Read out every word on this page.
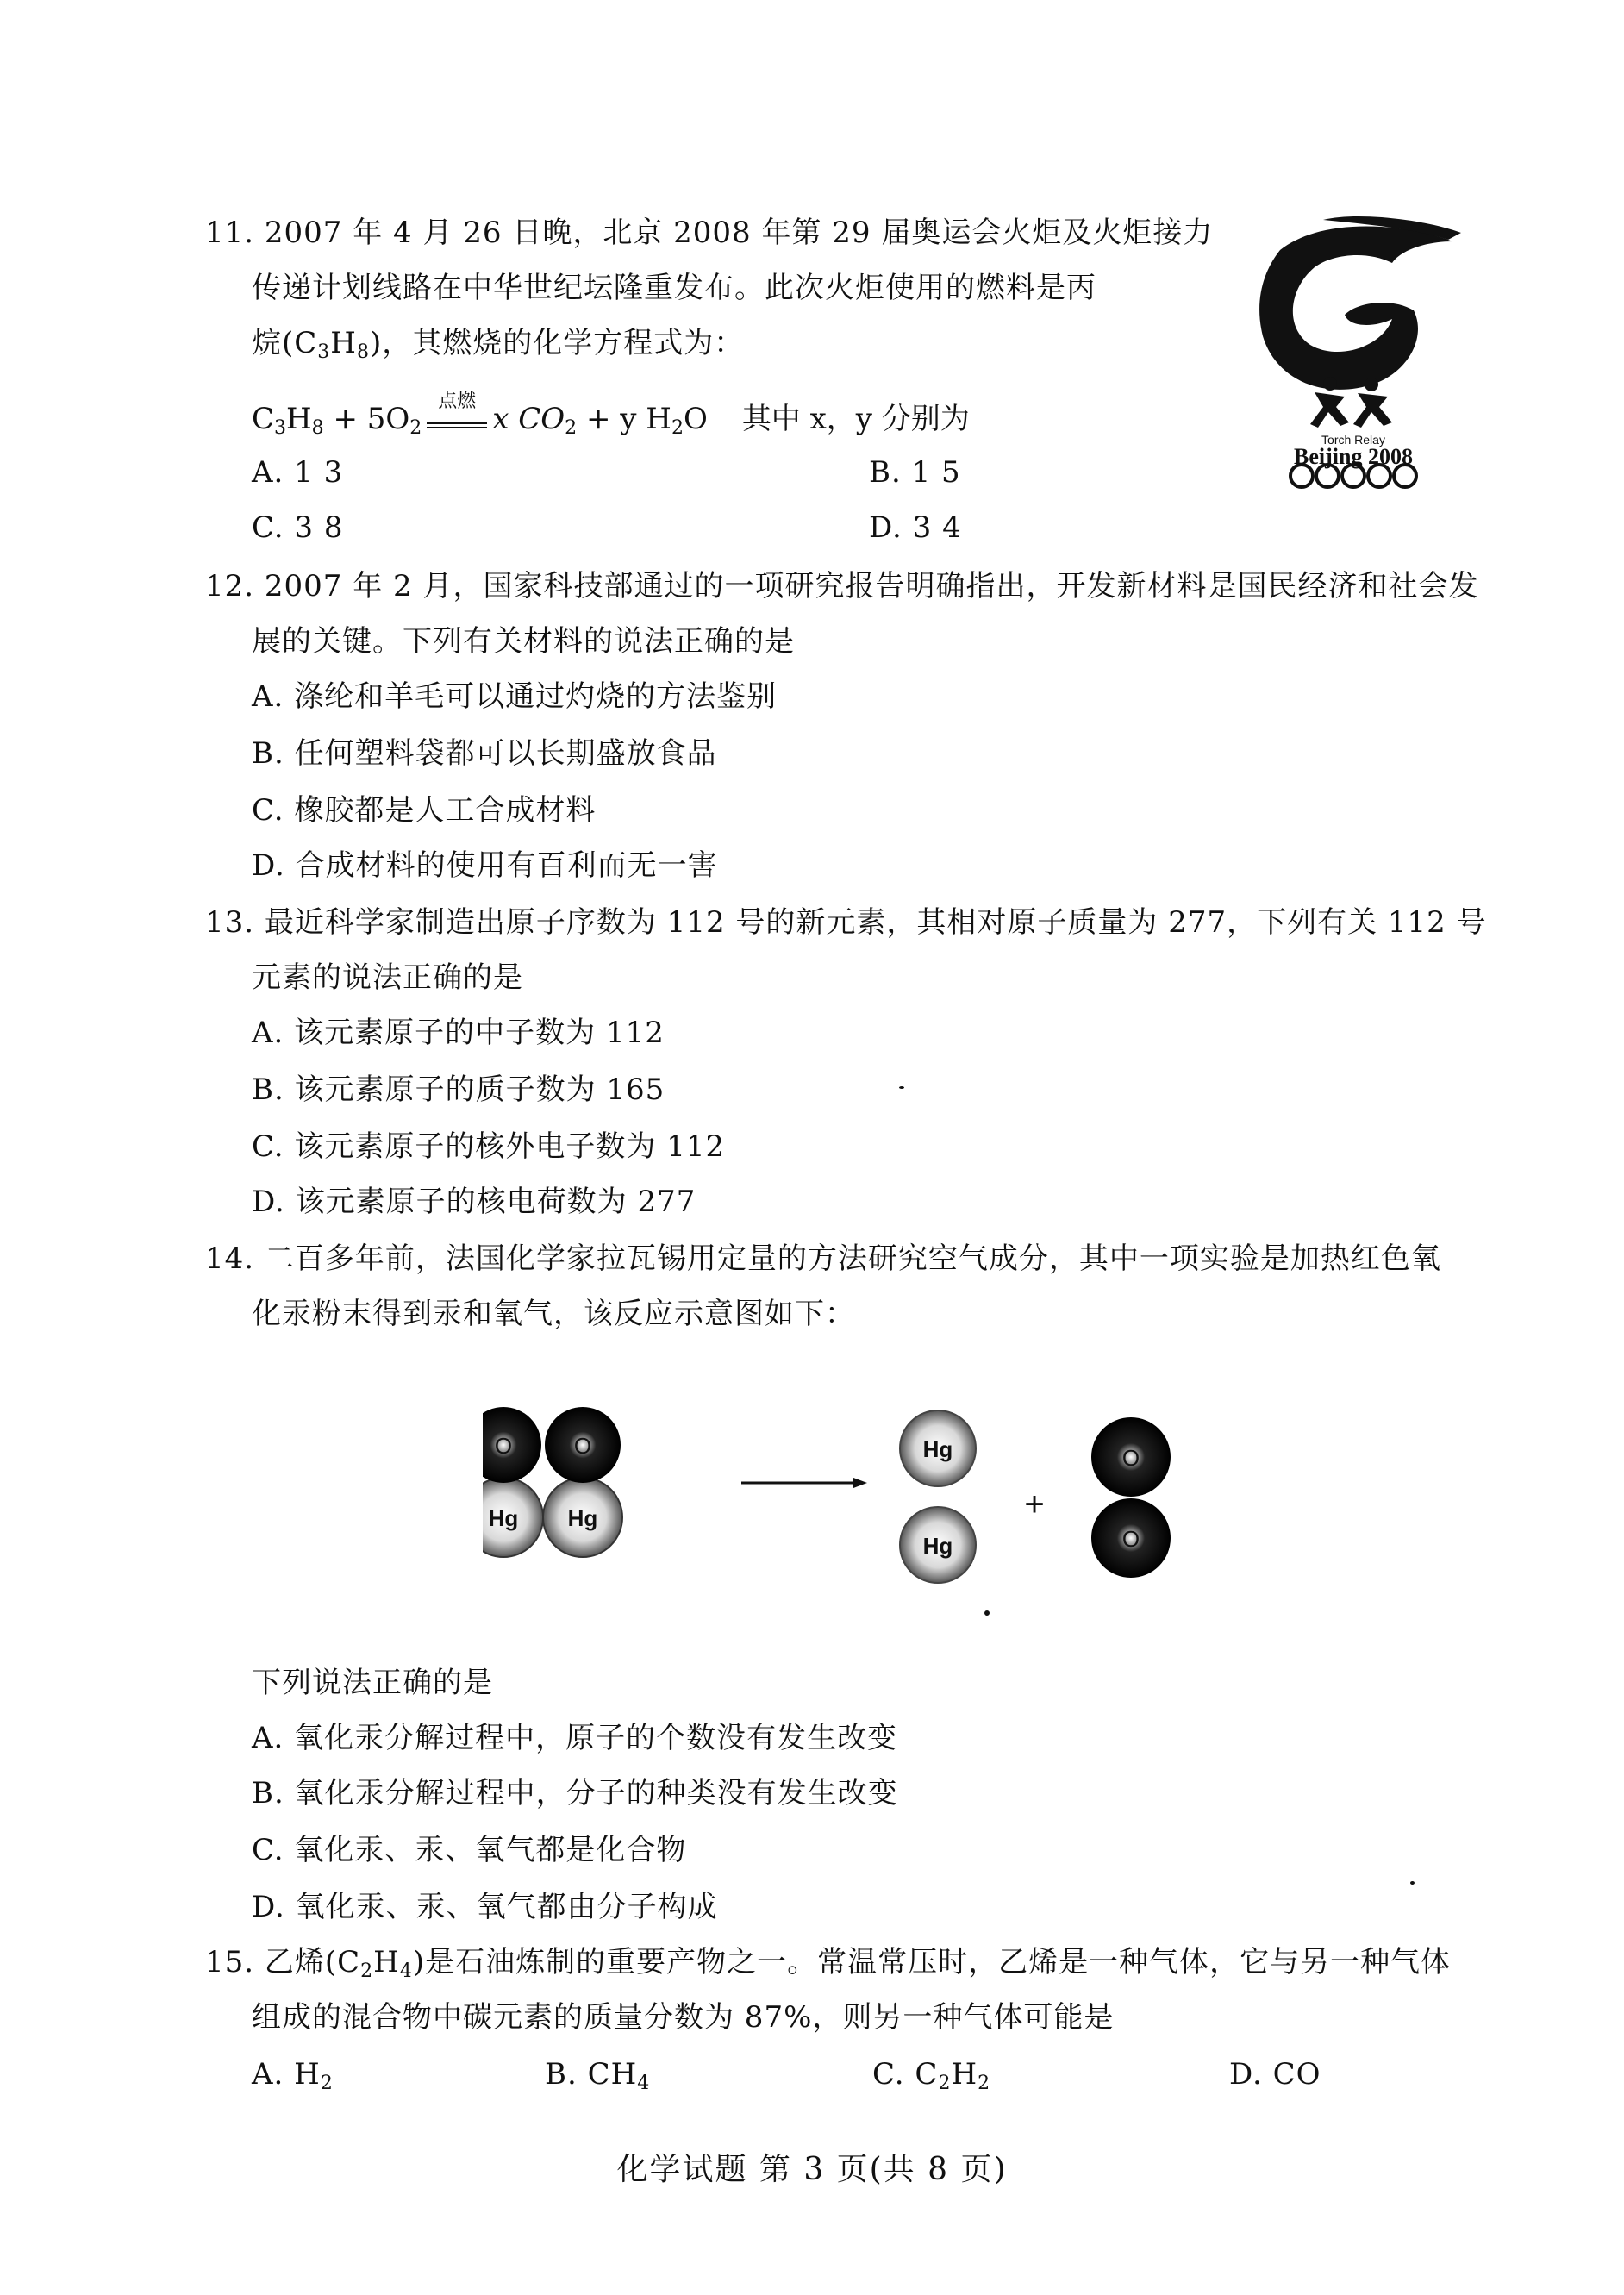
11. 2007 年 4 月 26 日晚，北京 2008 年第 29 届奥运会火炬及火炬接力
传递计划线路在中华世纪坛隆重发布。此次火炬使用的燃料是丙
烷$(C_3H_8)$，其燃烧的化学方程式为：
$C_3H_8 + 5O_2$
点燃
x $CO_2 + y$ $H_2O$ 其中 x，y 分别为
A. 1 3	B. 1 5
C. 3 8	D. 3 4
Torch Relay
Beijing 2008
12. 2007 年 2 月，国家科技部通过的一项研究报告明确指出，开发新材料是国民经济和社会发
展的关键。下列有关材料的说法正确的是
A. 涤纶和羊毛可以通过灼烧的方法鉴别
B. 任何塑料袋都可以长期盛放食品
C. 橡胶都是人工合成材料
D. 合成材料的使用有百利而无一害
13. 最近科学家制造出原子序数为 112 号的新元素，其相对原子质量为 277，下列有关 112 号
元素的说法正确的是
A. 该元素原子的中子数为 112
B. 该元素原子的质子数为 165
C. 该元素原子的核外电子数为 112
D. 该元素原子的核电荷数为 277
14. 二百多年前，法国化学家拉瓦锡用定量的方法研究空气成分，其中一项实验是加热红色氧
化汞粉末得到汞和氧气，该反应示意图如下：
O
Hg
O
Hg
Hg
Hg
+
O
O
下列说法正确的是
A. 氧化汞分解过程中，原子的个数没有发生改变
B. 氧化汞分解过程中，分子的种类没有发生改变
C. 氧化汞、汞、氧气都是化合物
D. 氧化汞、汞、氧气都由分子构成
15. 乙烯$(C_2H_4)$是石油炼制的重要产物之一。常温常压时，乙烯是一种气体，它与另一种气体
组成的混合物中碳元素的质量分数为 87%，则另一种气体可能是
A. $H_2$	B. $CH_4$	C. $C_2H_2$	D. CO
化学试题 第 3 页(共 8 页)
